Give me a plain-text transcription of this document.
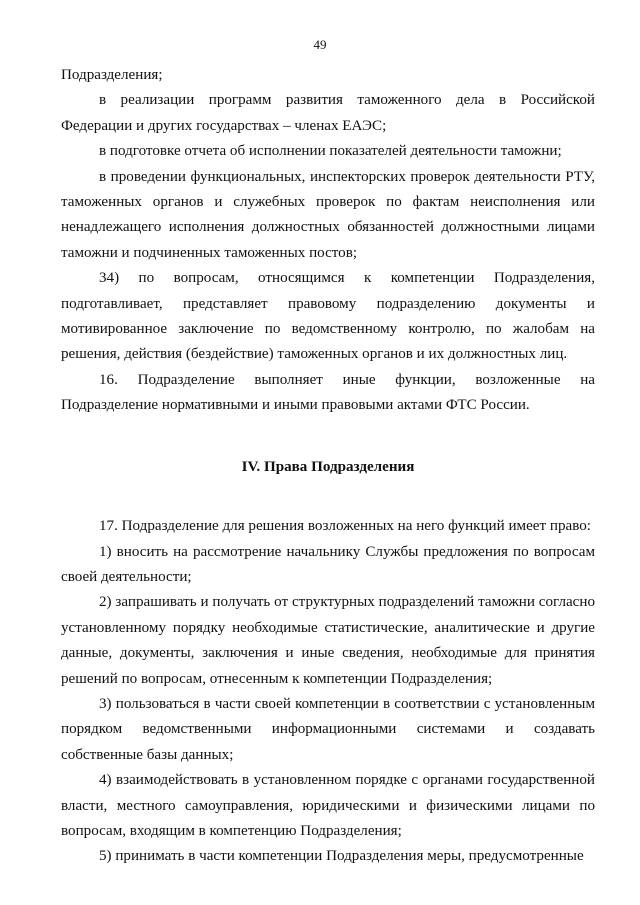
49

Подразделения;

в реализации программ развития таможенного дела в Российской Федерации и других государствах – членах ЕАЭС;

в подготовке отчета об исполнении показателей деятельности таможни;

в проведении функциональных, инспекторских проверок деятельности РТУ, таможенных органов и служебных проверок по фактам неисполнения или ненадлежащего исполнения должностных обязанностей должностными лицами таможни и подчиненных таможенных постов;

34) по вопросам, относящимся к компетенции Подразделения, подготавливает, представляет правовому подразделению документы и мотивированное заключение по ведомственному контролю, по жалобам на решения, действия (бездействие) таможенных органов и их должностных лиц.

16. Подразделение выполняет иные функции, возложенные на Подразделение нормативными и иными правовыми актами ФТС России.

IV. Права Подразделения

17. Подразделение для решения возложенных на него функций имеет право:

1) вносить на рассмотрение начальнику Службы предложения по вопросам своей деятельности;

2) запрашивать и получать от структурных подразделений таможни согласно установленному порядку необходимые статистические, аналитические и другие данные, документы, заключения и иные сведения, необходимые для принятия решений по вопросам, отнесенным к компетенции Подразделения;

3) пользоваться в части своей компетенции в соответствии с установленным порядком ведомственными информационными системами и создавать собственные базы данных;

4) взаимодействовать в установленном порядке с органами государственной власти, местного самоуправления, юридическими и физическими лицами по вопросам, входящим в компетенцию Подразделения;

5) принимать в части компетенции Подразделения меры, предусмотренные
